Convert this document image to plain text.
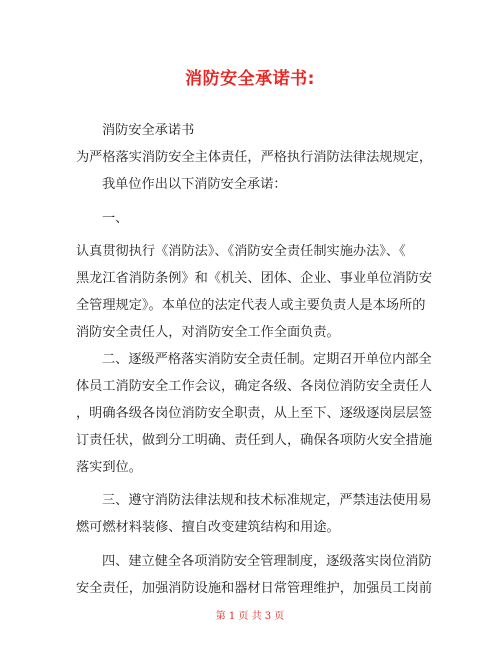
消防安全承诺书:
消防安全承诺书
为严格落实消防安全主体责任，严格执行消防法律法规规定，
我单位作出以下消防安全承诺：
一、
认真贯彻执行《消防法》、《消防安全责任制实施办法》、《
黑龙江省消防条例》和《机关、团体、企业、事业单位消防安
全管理规定》。本单位的法定代表人或主要负责人是本场所的
消防安全责任人，对消防安全工作全面负责。
二、逐级严格落实消防安全责任制。定期召开单位内部全
体员工消防安全工作会议，确定各级、各岗位消防安全责任人
，明确各级各岗位消防安全职责，从上至下、逐级逐岗层层签
订责任状，做到分工明确、责任到人，确保各项防火安全措施
落实到位。
三、遵守消防法律法规和技术标准规定，严禁违法使用易
燃可燃材料装修、擅自改变建筑结构和用途。
四、建立健全各项消防安全管理制度，逐级落实岗位消防
安全责任，加强消防设施和器材日常管理维护，加强员工岗前
第 1 页 共 3 页
